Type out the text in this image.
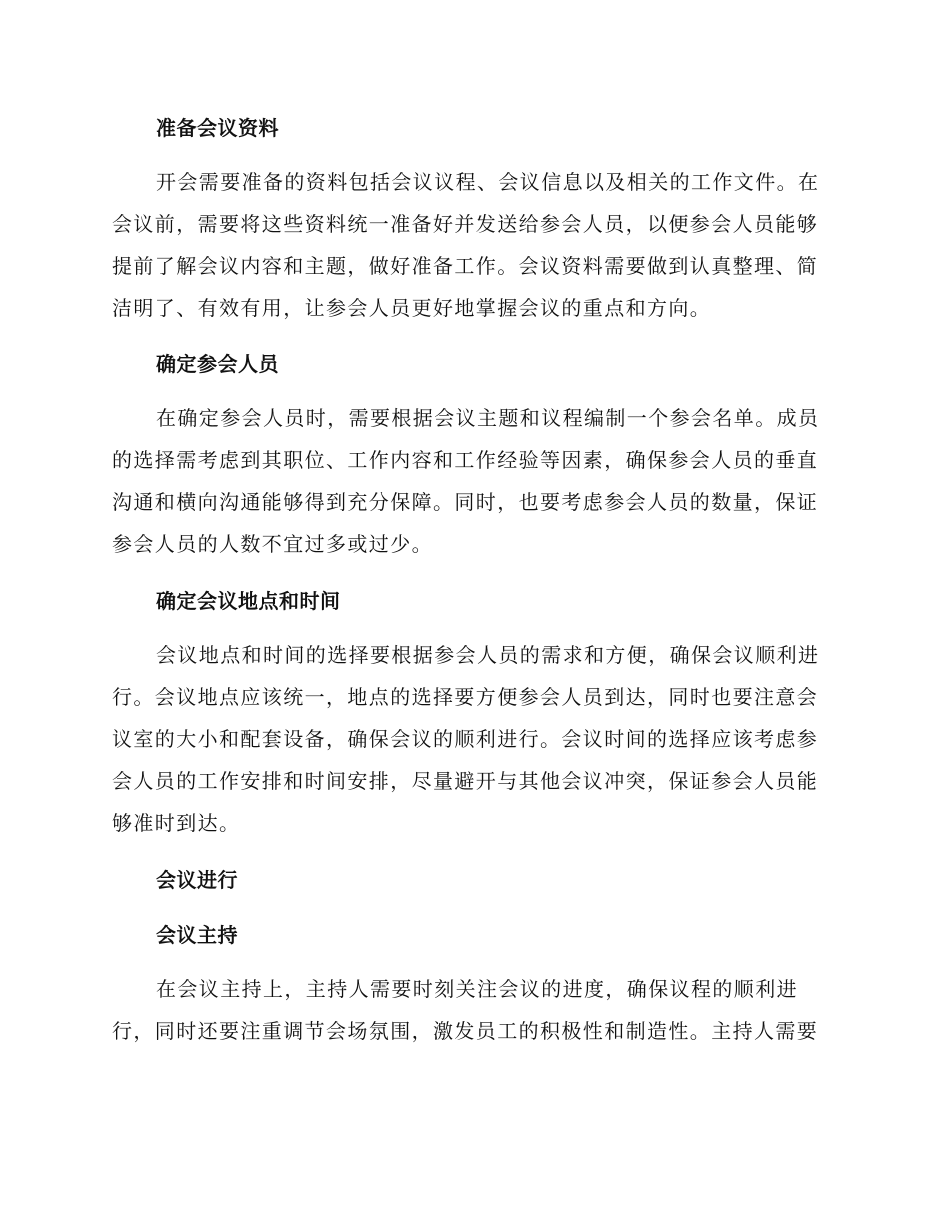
准备会议资料

开会需要准备的资料包括会议议程、会议信息以及相关的工作文件。在会议前，需要将这些资料统一准备好并发送给参会人员，以便参会人员能够提前了解会议内容和主题，做好准备工作。会议资料需要做到认真整理、简洁明了、有效有用，让参会人员更好地掌握会议的重点和方向。

确定参会人员

在确定参会人员时，需要根据会议主题和议程编制一个参会名单。成员的选择需考虑到其职位、工作内容和工作经验等因素，确保参会人员的垂直沟通和横向沟通能够得到充分保障。同时，也要考虑参会人员的数量，保证参会人员的人数不宜过多或过少。

确定会议地点和时间

会议地点和时间的选择要根据参会人员的需求和方便，确保会议顺利进行。会议地点应该统一，地点的选择要方便参会人员到达，同时也要注意会议室的大小和配套设备，确保会议的顺利进行。会议时间的选择应该考虑参会人员的工作安排和时间安排，尽量避开与其他会议冲突，保证参会人员能够准时到达。

会议进行
会议主持

在会议主持上，主持人需要时刻关注会议的进度，确保议程的顺利进行，同时还要注重调节会场氛围，激发员工的积极性和制造性。主持人需要
